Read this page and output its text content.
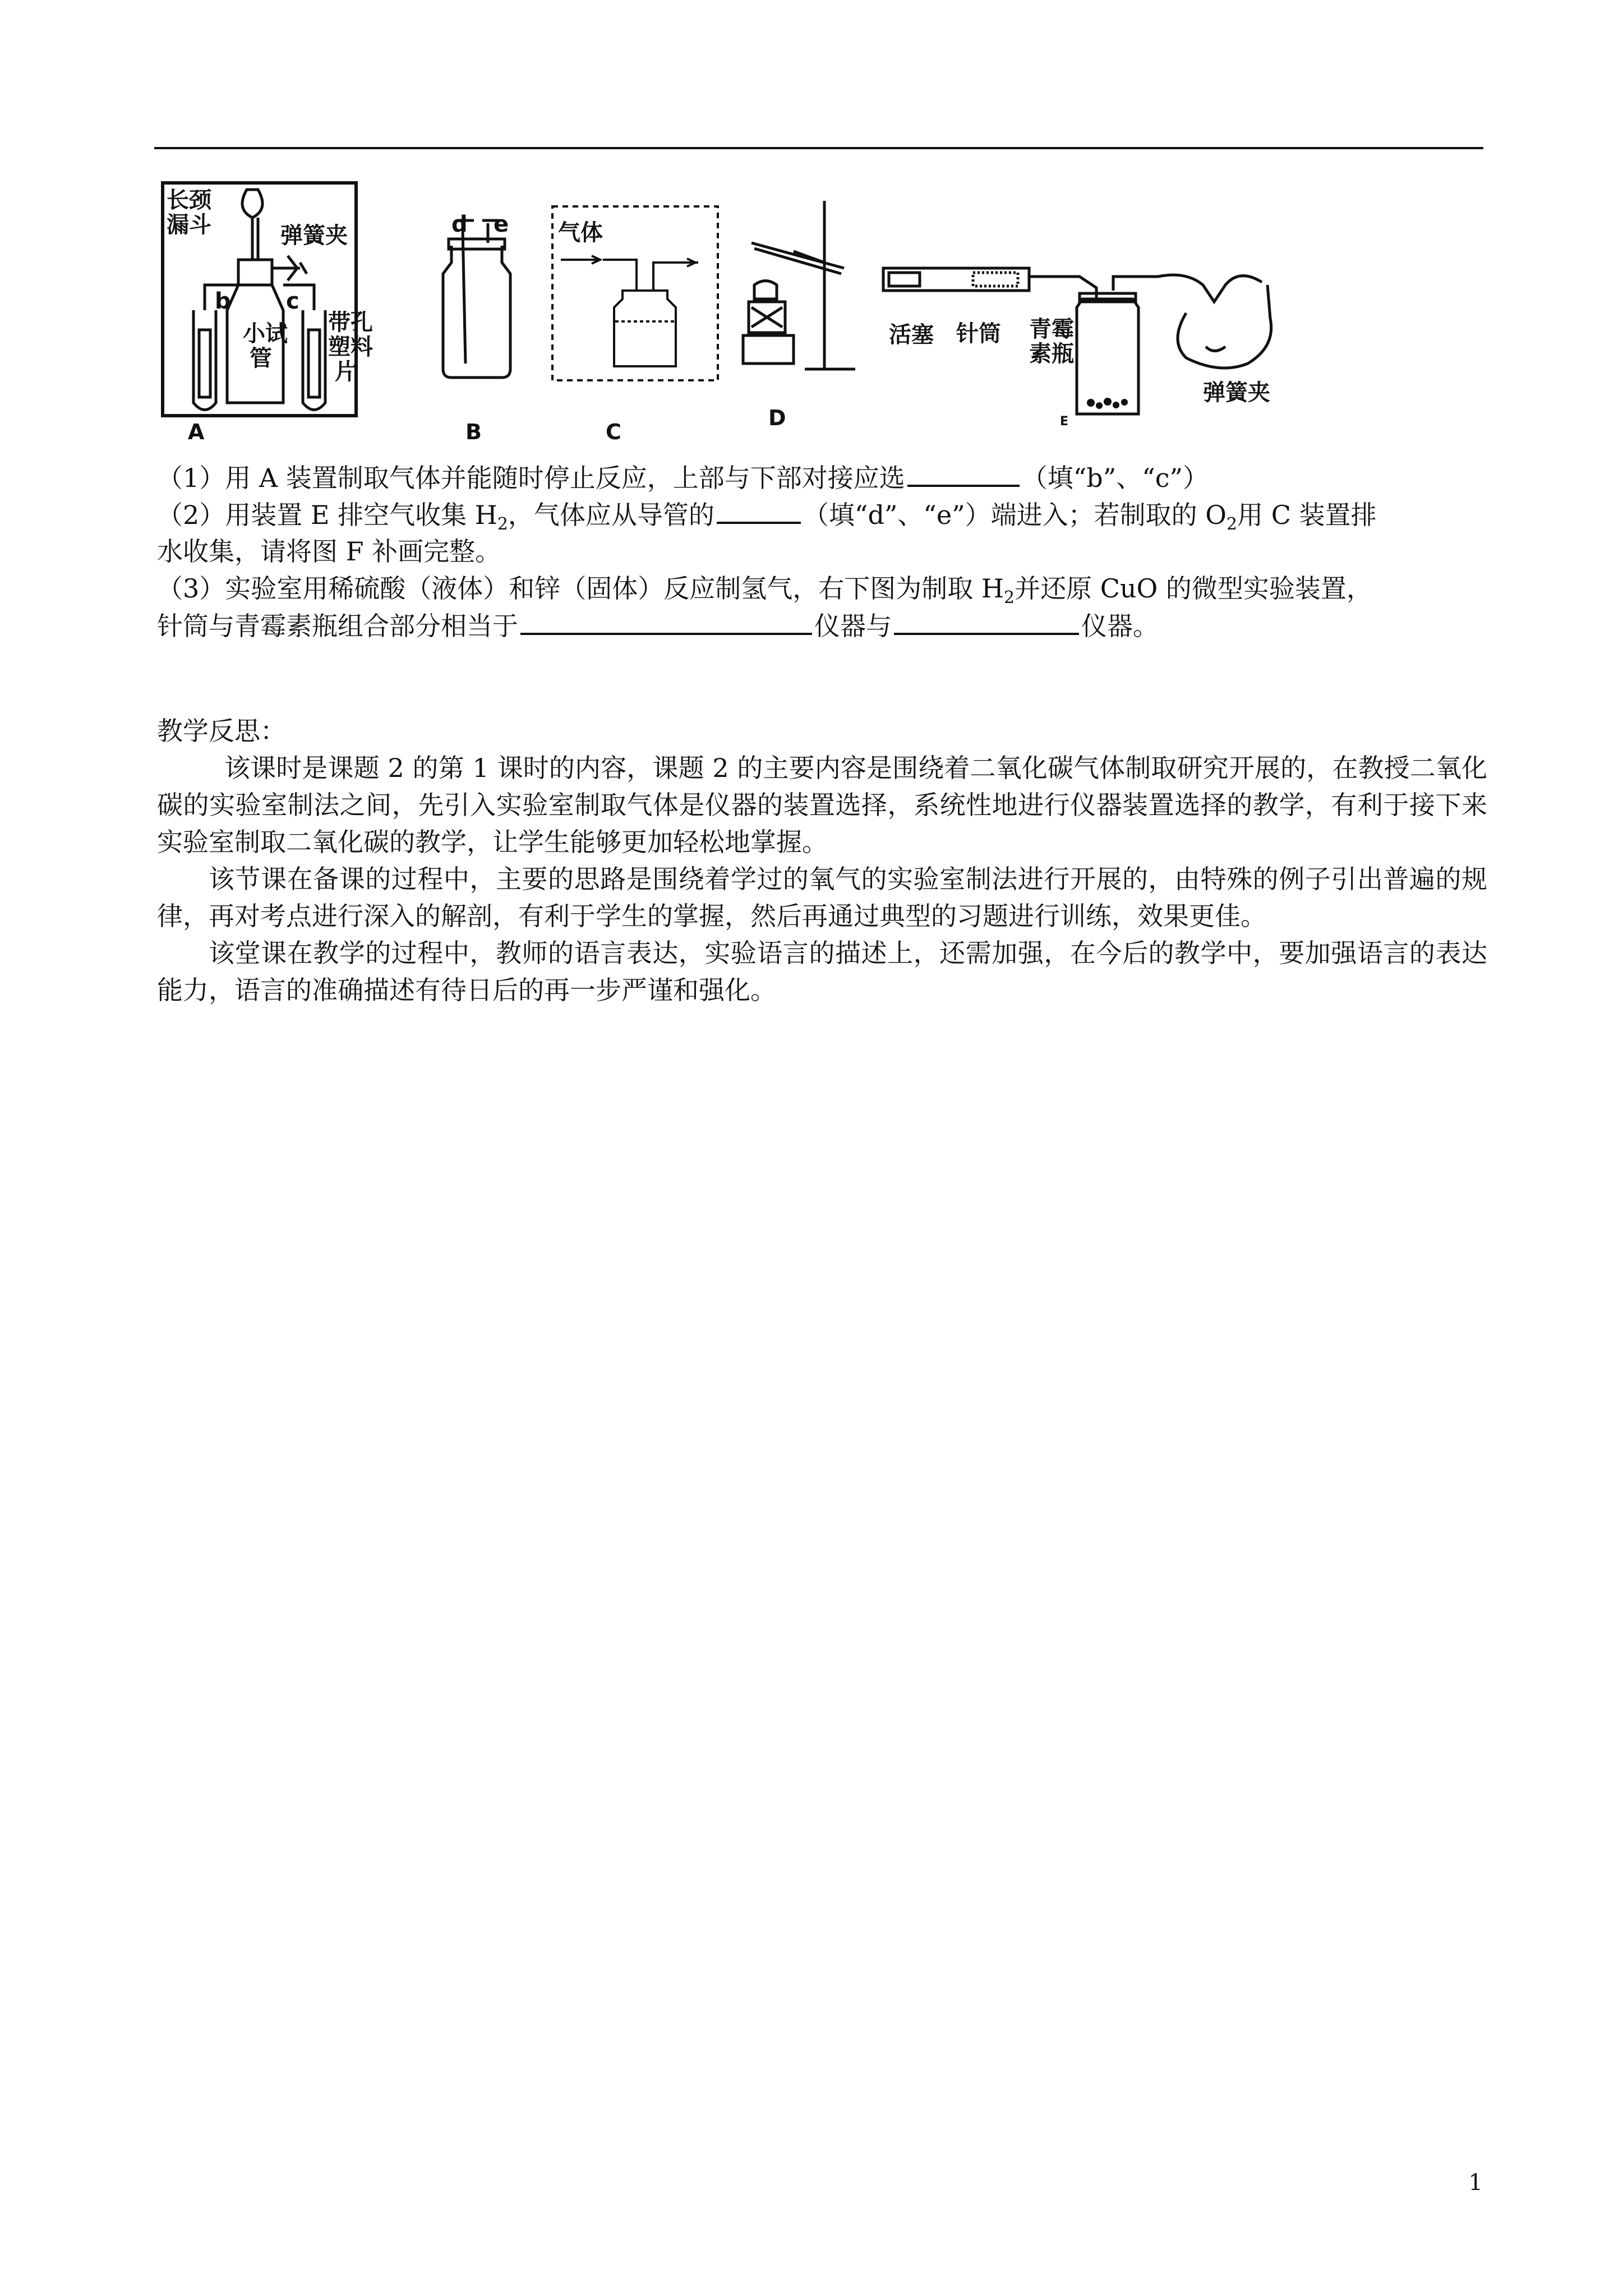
长颈
漏斗	弹簧夹
b c
小试
管
带孔
塑料
片
A
d e
B
气体
C
D
活塞 针筒 青霉
素瓶
弹簧夹
E
（1）用 A 装置制取气体并能随时停止反应，上部与下部对接应选	（填“b”、“c”）
（2）用装置 E 排空气收集 $H_2$，气体应从导管的	（填“d”、“e”）端进入；若制取的 $O_2$用 C 装置排
水收集，请将图 F 补画完整。
（3）实验室用稀硫酸（液体）和锌（固体）反应制氢气，右下图为制取 $H_2$并还原 CuO 的微型实验装置，
针筒与青霉素瓶组合部分相当于	仪器与	仪器。
教学反思：

该课时是课题 2 的第 1 课时的内容，课题 2 的主要内容是围绕着二氧化碳气体制取研究开展的，在教授二氧化碳的实验室制法之间，先引入实验室制取气体是仪器的装置选择，系统性地进行仪器装置选择的教学，有利于接下来实验室制取二氧化碳的教学，让学生能够更加轻松地掌握。

该节课在备课的过程中，主要的思路是围绕着学过的氧气的实验室制法进行开展的，由特殊的例子引出普遍的规律，再对考点进行深入的解剖，有利于学生的掌握，然后再通过典型的习题进行训练，效果更佳。

该堂课在教学的过程中，教师的语言表达，实验语言的描述上，还需加强，在今后的教学中，要加强语言的表达能力，语言的准确描述有待日后的再一步严谨和强化。

1
